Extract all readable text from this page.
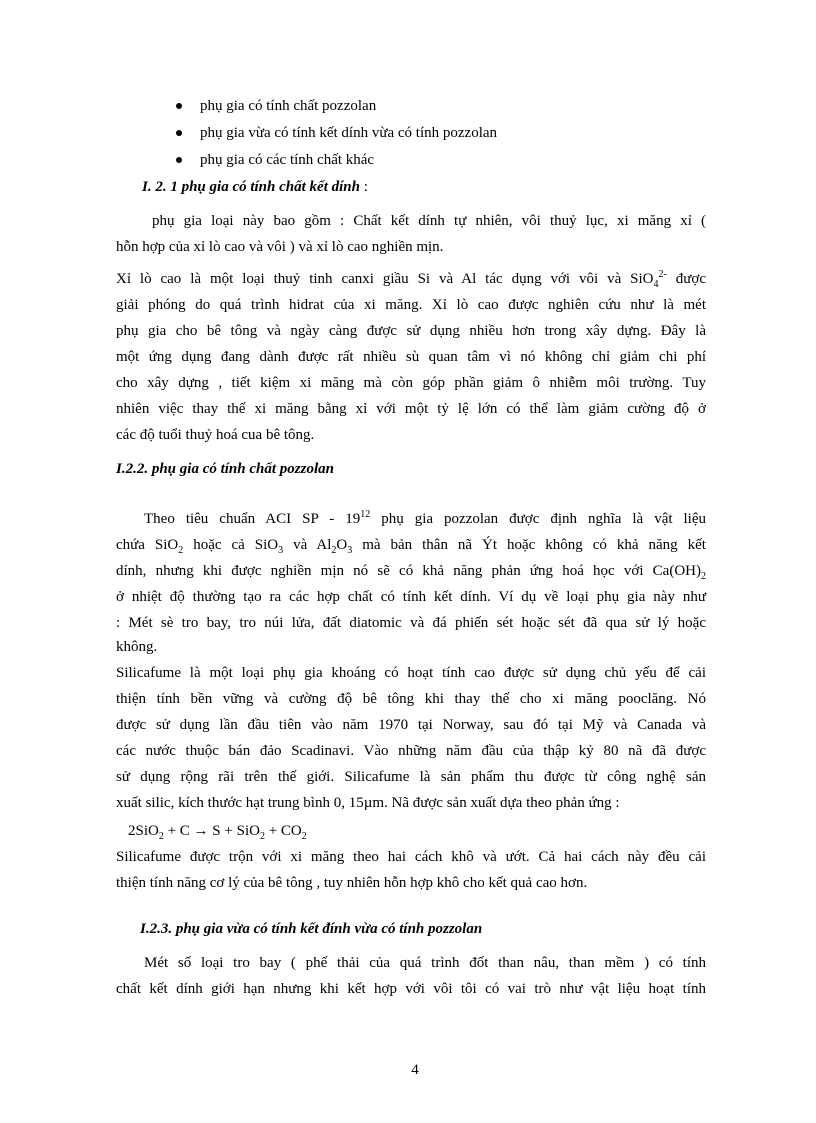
phụ gia có tính chất pozzolan
phụ gia vừa có tính kết dính vừa có tính pozzolan
phụ gia có các tính chất khác
I. 2. 1 phụ gia có tính chất kết dính :
phụ gia loại này bao gồm : Chất kết dính tự nhiên, vôi thuỷ lục, xi măng xỉ (
hỗn hợp của xỉ lò cao và vôi ) và xỉ lò cao nghiền mịn.
Xỉ lò cao là một loại thuỷ tinh canxi giầu Si và Al tác dụng với vôi và SiO$_4^{2-}$ được
giải phóng do quá trình hidrat của xi măng. Xỉ lò cao được nghiên cứu như là mét
phụ gia cho bê tông và ngày càng được sử dụng nhiều hơn trong xây dựng. Đây là
một ứng dụng đang dành được rất nhiều sù quan tâm vì nó không chỉ giảm chi phí
cho xây dựng , tiết kiệm xi măng mà còn góp phần giảm ô nhiễm môi trường. Tuy
nhiên việc thay thế xi măng bằng xỉ với một tỷ lệ lớn có thể làm giảm cường độ ở
các độ tuổi thuỷ hoá cua bê tông.
I.2.2. phụ gia có tính chất pozzolan
Theo tiêu chuẩn ACI SP - $19^{12}$ phụ gia pozzolan được định nghĩa là vật liệu
chứa SiO$_2$ hoặc cả SiO$_3$ và $Al_2O_3$ mà bản thân nã Ýt hoặc không có khả năng kết
dính, nhưng khi được nghiền mịn nó sẽ có khả năng phản ứng hoá học với $Ca(OH)_2$
ở nhiệt độ thường tạo ra các hợp chất có tính kết dính. Ví dụ về loại phụ gia này như
: Mét sè tro bay, tro núi lửa, đất diatomic và đá phiến sét hoặc sét đã qua sử lý hoặc
không.
Silicafume là một loại phụ gia khoáng có hoạt tính cao được sử dụng chủ yếu để cải
thiện tính bền vững và cường độ bê tông khi thay thế cho xi măng pooclăng. Nó
được sử dụng lần đầu tiên vào năm 1970 tại Norway, sau đó tại Mỹ và Canada và
các nước thuộc bán đảo Scadinavi. Vào những năm đầu của thập kỷ 80 nã đã được
sử dụng rộng rãi trên thế giới. Silicafume là sản phẩm thu được từ công nghệ sản
xuất silic, kích thước hạt trung bình 0, 15µm. Nã được sản xuất dựa theo phản ứng :
$2SiO_2 + C \to S + SiO_2 + CO_2$
Silicafume được trộn với xi măng theo hai cách khô và ướt. Cả hai cách này đều cải
thiện tính năng cơ lý của bê tông , tuy nhiên hỗn hợp khô cho kết quả cao hơn.
I.2.3. phụ gia vừa có tính kết đính vừa có tính pozzolan
Mét số loại tro bay ( phế thải của quá trình đốt than nâu, than mềm ) có tính
chất kết dính giới hạn nhưng khi kết hợp với vôi tôi có vai trò như vật liệu hoạt tính
4
